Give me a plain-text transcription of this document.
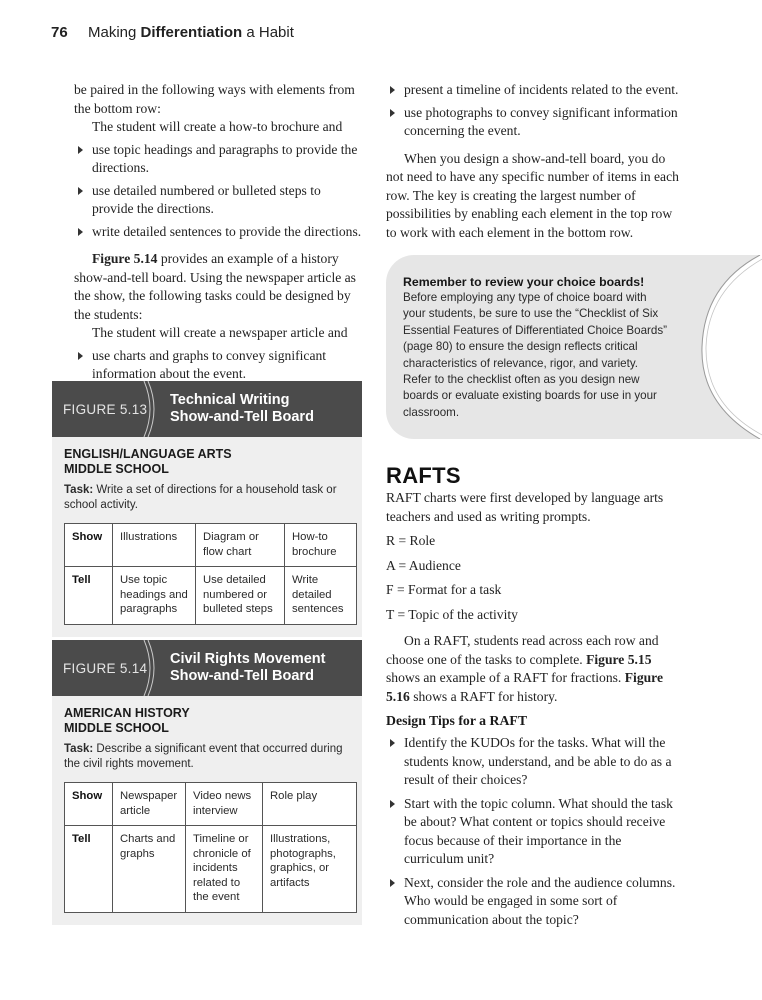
76	Making Differentiation a Habit

be paired in the following ways with elements from the bottom row:

The student will create a how-to brochure and

use topic headings and paragraphs to provide the directions.
use detailed numbered or bulleted steps to provide the directions.
write detailed sentences to provide the directions.

Figure 5.14 provides an example of a history show-and-tell board. Using the newspaper article as the show, the following tasks could be designed by the students:

The student will create a newspaper article and

use charts and graphs to convey significant information about the event.
FIGURE 5.13
Technical Writing
Show-and-Tell Board
ENGLISH/LANGUAGE ARTS
MIDDLE SCHOOL
Task: Write a set of directions for a household task or school activity.
Show	Illustrations	Diagram or flow chart	How-to brochure
Tell	Use topic headings and paragraphs	Use detailed numbered or bulleted steps	Write detailed sentences
FIGURE 5.14
Civil Rights Movement
Show-and-Tell Board
AMERICAN HISTORY
MIDDLE SCHOOL
Task: Describe a significant event that occurred during the civil rights movement.
Show	Newspaper article	Video news interview	Role play
Tell	Charts and graphs	Timeline or chronicle of incidents related to the event	Illustrations, photographs, graphics, or artifacts
present a timeline of incidents related to the event.
use photographs to convey significant information concerning the event.

When you design a show-and-tell board, you do not need to have any specific number of items in each row. The key is creating the largest number of possibilities by enabling each element in the top row to work with each element in the bottom row.

Remember to review your choice boards!
Before employing any type of choice board with your students, be sure to use the “Checklist of Six Essential Features of Differentiated Choice Boards” (page 80) to ensure the design reflects critical characteristics of relevance, rigor, and variety. Refer to the checklist often as you design new boards or evaluate existing boards for use in your classroom.
RAFTS

RAFT charts were first developed by language arts teachers and used as writing prompts.

R = Role
A = Audience
F = Format for a task
T = Topic of the activity

On a RAFT, students read across each row and choose one of the tasks to complete. Figure 5.15 shows an example of a RAFT for fractions. Figure 5.16 shows a RAFT for history.

Design Tips for a RAFT
Identify the KUDOs for the tasks. What will the students know, understand, and be able to do as a result of their choices?
Start with the topic column. What should the task be about? What content or topics should receive focus because of their importance in the curriculum unit?
Next, consider the role and the audience columns. Who would be engaged in some sort of communication about the topic?
